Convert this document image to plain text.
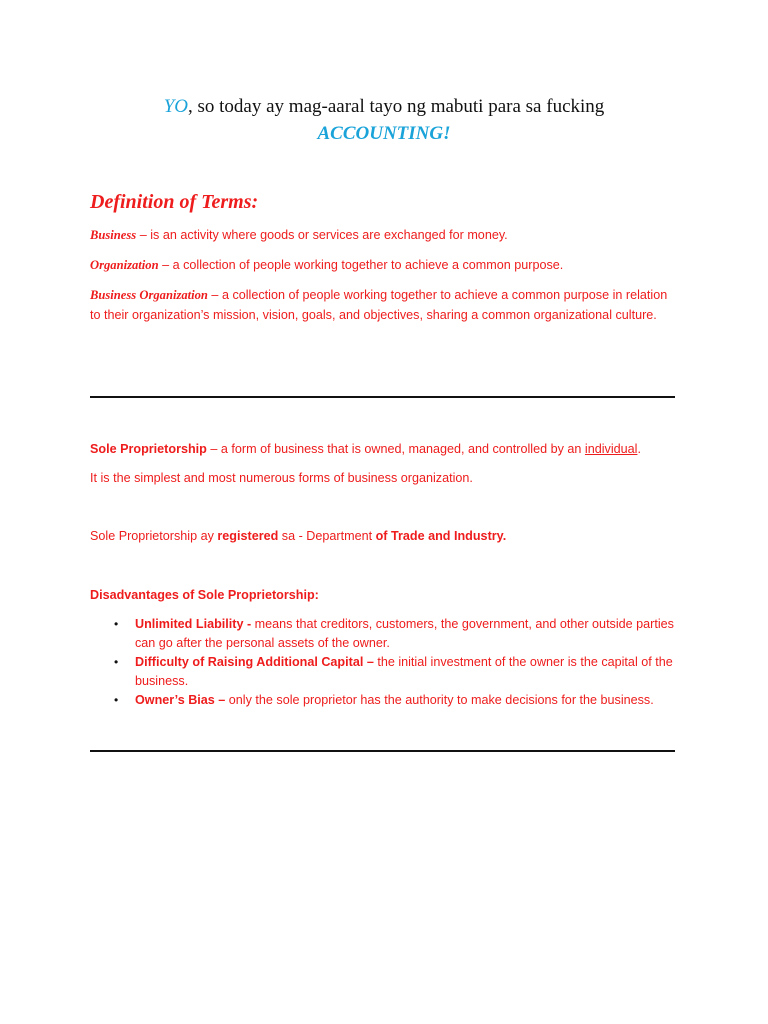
YO, so today ay mag-aaral tayo ng mabuti para sa fucking
ACCOUNTING!
Definition of Terms:

Business – is an activity where goods or services are exchanged for money.

Organization – a collection of people working together to achieve a common purpose.

Business Organization – a collection of people working together to achieve a common purpose in relation to their organization’s mission, vision, goals, and objectives, sharing a common organizational culture.

Sole Proprietorship – a form of business that is owned, managed, and controlled by an individual.

It is the simplest and most numerous forms of business organization.

Sole Proprietorship ay registered sa - Department of Trade and Industry.

Disadvantages of Sole Proprietorship:

• Unlimited Liability - means that creditors, customers, the government, and other outside parties can go after the personal assets of the owner.
• Difficulty of Raising Additional Capital – the initial investment of the owner is the capital of the business.
• Owner’s Bias – only the sole proprietor has the authority to make decisions for the business.
